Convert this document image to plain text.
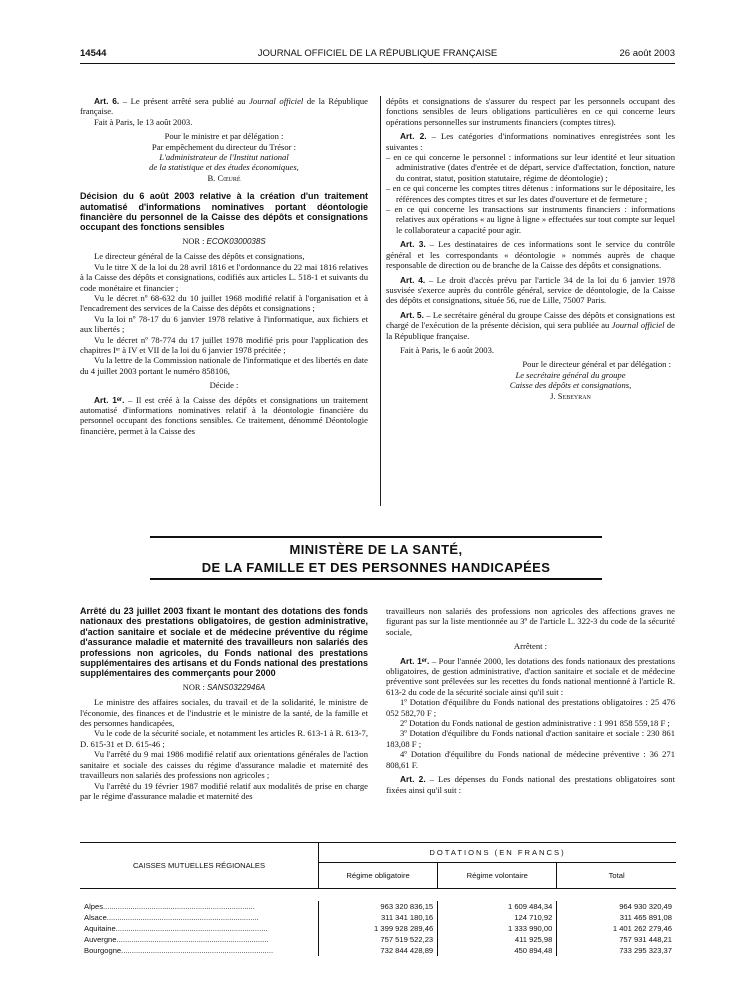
14544	JOURNAL OFFICIEL DE LA RÉPUBLIQUE FRANÇAISE	26 août 2003

Art. 6. – Le présent arrêté sera publié au Journal officiel de la République française.

Fait à Paris, le 13 août 2003.

Pour le ministre et par délégation :

Par empêchement du directeur du Trésor :

L'administrateur de l'Institut national

de la statistique et des études économiques,

B. Cœuré

Décision du 6 août 2003 relative à la création d'un traitement automatisé d'informations nominatives portant déontologie financière du personnel de la Caisse des dépôts et consignations occupant des fonctions sensibles

NOR : ECOK0300038S

Le directeur général de la Caisse des dépôts et consignations,

Vu le titre X de la loi du 28 avril 1816 et l'ordonnance du 22 mai 1816 relatives à la Caisse des dépôts et consignations, codifiés aux articles L. 518-1 et suivants du code monétaire et financier ;

Vu le décret nº 68-632 du 10 juillet 1968 modifié relatif à l'organisation et à l'encadrement des services de la Caisse des dépôts et consignations ;

Vu la loi nº 78-17 du 6 janvier 1978 relative à l'informatique, aux fichiers et aux libertés ;

Vu le décret nº 78-774 du 17 juillet 1978 modifié pris pour l'application des chapitres Iᵉʳ à IV et VII de la loi du 6 janvier 1978 précitée ;

Vu la lettre de la Commission nationale de l'informatique et des libertés en date du 4 juillet 2003 portant le numéro 858106,

Décide :

Art. 1ᵉʳ. – Il est créé à la Caisse des dépôts et consignations un traitement automatisé d'informations nominatives relatif à la déontologie financière du personnel occupant des fonctions sensibles. Ce traitement, dénommé Déontologie financière, permet à la Caisse des

dépôts et consignations de s'assurer du respect par les personnels occupant des fonctions sensibles de leurs obligations particulières en ce qui concerne leurs opérations personnelles sur instruments financiers (comptes titres).

Art. 2. – Les catégories d'informations nominatives enregistrées sont les suivantes :

– en ce qui concerne le personnel : informations sur leur identité et leur situation administrative (dates d'entrée et de départ, service d'affectation, fonction, nature du contrat, statut, position statutaire, régime de déontologie) ;
– en ce qui concerne les comptes titres détenus : informations sur le dépositaire, les références des comptes titres et sur les dates d'ouverture et de fermeture ;
– en ce qui concerne les transactions sur instruments financiers : informations relatives aux opérations « au ligne à ligne » effectuées sur tout compte sur lequel le collaborateur a capacité pour agir.

Art. 3. – Les destinataires de ces informations sont le service du contrôle général et les correspondants « déontologie » nommés auprès de chaque responsable de direction ou de branche de la Caisse des dépôts et consignations.

Art. 4. – Le droit d'accès prévu par l'article 34 de la loi du 6 janvier 1978 susvisée s'exerce auprès du contrôle général, service de déontologie, de la Caisse des dépôts et consignations, située 56, rue de Lille, 75007 Paris.

Art. 5. – Le secrétaire général du groupe Caisse des dépôts et consignations est chargé de l'exécution de la présente décision, qui sera publiée au Journal officiel de la République française.

Fait à Paris, le 6 août 2003.

Pour le directeur général et par délégation :

Le secrétaire général du groupe

Caisse des dépôts et consignations,

J. Sebeyran

MINISTÈRE DE LA SANTÉ,
DE LA FAMILLE ET DES PERSONNES HANDICAPÉES

Arrêté du 23 juillet 2003 fixant le montant des dotations des fonds nationaux des prestations obligatoires, de gestion administrative, d'action sanitaire et sociale et de médecine préventive du régime d'assurance maladie et maternité des travailleurs non salariés des professions non agricoles, du Fonds national des prestations supplémentaires des artisans et du Fonds national des prestations supplémentaires des commerçants pour 2000

NOR : SANS0322946A

Le ministre des affaires sociales, du travail et de la solidarité, le ministre de l'économie, des finances et de l'industrie et le ministre de la santé, de la famille et des personnes handicapées,

Vu le code de la sécurité sociale, et notamment les articles R. 613-1 à R. 613-7, D. 615-31 et D. 615-46 ;

Vu l'arrêté du 9 mai 1986 modifié relatif aux orientations générales de l'action sanitaire et sociale des caisses du régime d'assurance maladie et maternité des travailleurs non salariés des professions non agricoles ;

Vu l'arrêté du 19 février 1987 modifié relatif aux modalités de prise en charge par le régime d'assurance maladie et maternité des

travailleurs non salariés des professions non agricoles des affections graves ne figurant pas sur la liste mentionnée au 3º de l'article L. 322-3 du code de la sécurité sociale,

Arrêtent :

Art. 1ᵉʳ. – Pour l'année 2000, les dotations des fonds nationaux des prestations obligatoires, de gestion administrative, d'action sanitaire et sociale et de médecine préventive sont prélevées sur les recettes du fonds national mentionné à l'article R. 613-2 du code de la sécurité sociale ainsi qu'il suit :

1º Dotation d'équilibre du Fonds national des prestations obligatoires : 25 476 052 582,70 F ;

2º Dotation du Fonds national de gestion administrative : 1 991 858 559,18 F ;

3º Dotation d'équilibre du Fonds national d'action sanitaire et sociale : 230 861 183,08 F ;

4º Dotation d'équilibre du Fonds national de médecine préventive : 36 271 808,61 F.

Art. 2. – Les dépenses du Fonds national des prestations obligatoires sont fixées ainsi qu'il suit :

CAISSES MUTUELLES RÉGIONALES	DOTATIONS (EN FRANCS)		
	Régime obligatoire	Régime volontaire	Total

Alpes........................................................................	963 320 836,15	1 609 484,34	964 930 320,49
Alsace........................................................................	311 341 180,16	124 710,92	311 465 891,08
Aquitaine........................................................................	1 399 928 289,46	1 333 990,00	1 401 262 279,46
Auvergne........................................................................	757 519 522,23	411 925,98	757 931 448,21
Bourgogne........................................................................	732 844 428,89	450 894,48	733 295 323,37
